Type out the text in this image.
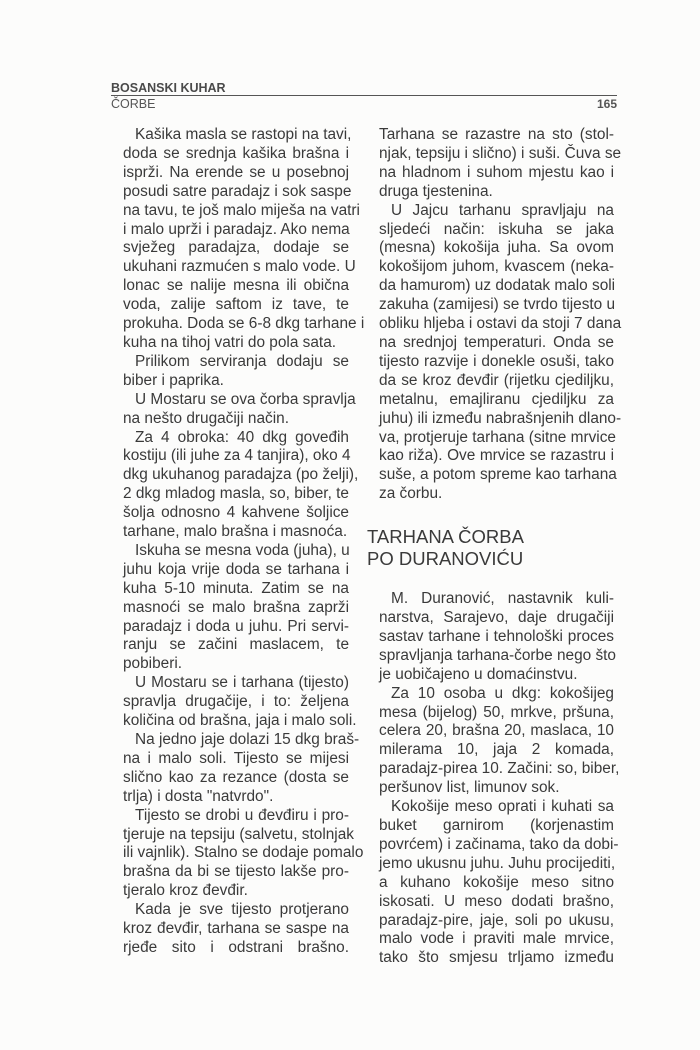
BOSANSKI KUHAR
ČORBE	165

Kašika masla se rastopi na tavi,
doda se srednja kašika brašna i
isprži. Na erende se u posebnoj
posudi satre paradajz i sok saspe
na tavu, te još malo miješa na vatri
i malo uprži i paradajz. Ako nema
svježeg paradajza, dodaje se
ukuhani razmućen s malo vode. U
lonac se nalije mesna ili obična
voda, zalije saftom iz tave, te
prokuha. Doda se 6-8 dkg tarhane i
kuha na tihoj vatri do pola sata.

Prilikom serviranja dodaju se
biber i paprika.

U Mostaru se ova čorba spravlja
na nešto drugačiji način.

Za 4 obroka: 40 dkg goveđih
kostiju (ili juhe za 4 tanjira), oko 4
dkg ukuhanog paradajza (po želji),
2 dkg mladog masla, so, biber, te
šolja odnosno 4 kahvene šoljice
tarhane, malo brašna i masnoća.

Iskuha se mesna voda (juha), u
juhu koja vrije doda se tarhana i
kuha 5-10 minuta. Zatim se na
masnoći se malo brašna zaprži
paradajz i doda u juhu. Pri servi-
ranju se začini maslacem, te
pobiberi.

U Mostaru se i tarhana (tijesto)
spravlja drugačije, i to: željena
količina od brašna, jaja i malo soli.

Na jedno jaje dolazi 15 dkg braš-
na i malo soli. Tijesto se mijesi
slično kao za rezance (dosta se
trlja) i dosta "natvrdo".

Tijesto se drobi u đevđiru i pro-
tjeruje na tepsiju (salvetu, stolnjak
ili vajnlik). Stalno se dodaje pomalo
brašna da bi se tijesto lakše pro-
tjeralo kroz đevđir.

Kada je sve tijesto protjerano
kroz đevđir, tarhana se saspe na
rjeđe sito i odstrani brašno.

Tarhana se razastre na sto (stol-
njak, tepsiju i slično) i suši. Čuva se
na hladnom i suhom mjestu kao i
druga tjestenina.

U Jajcu tarhanu spravljaju na
sljedeći način: iskuha se jaka
(mesna) kokošija juha. Sa ovom
kokošijom juhom, kvascem (neka-
da hamurom) uz dodatak malo soli
zakuha (zamijesi) se tvrdo tijesto u
obliku hljeba i ostavi da stoji 7 dana
na srednjoj temperaturi. Onda se
tijesto razvije i donekle osuši, tako
da se kroz đevđir (rijetku cjediljku,
metalnu, emajliranu cjediljku za
juhu) ili između nabrašnjenih dlano-
va, protjeruje tarhana (sitne mrvice
kao riža). Ove mrvice se razastru i
suše, a potom spreme kao tarhana
za čorbu.

TARHANA ČORBA
PO DURANOVIĆU

M. Duranović, nastavnik kuli-
narstva, Sarajevo, daje drugačiji
sastav tarhane i tehnološki proces
spravljanja tarhana-čorbe nego što
je uobičajeno u domaćinstvu.

Za 10 osoba u dkg: kokošijeg
mesa (bijelog) 50, mrkve, pršuna,
celera 20, brašna 20, maslaca, 10
milerama 10, jaja 2 komada,
paradajz-pirea 10. Začini: so, biber,
peršunov list, limunov sok.

Kokošije meso oprati i kuhati sa
buket garnirom (korjenastim
povrćem) i začinama, tako da dobi-
jemo ukusnu juhu. Juhu procijediti,
a kuhano kokošije meso sitno
iskosati. U meso dodati brašno,
paradajz-pire, jaje, soli po ukusu,
malo vode i praviti male mrvice,
tako što smjesu trljamo između
